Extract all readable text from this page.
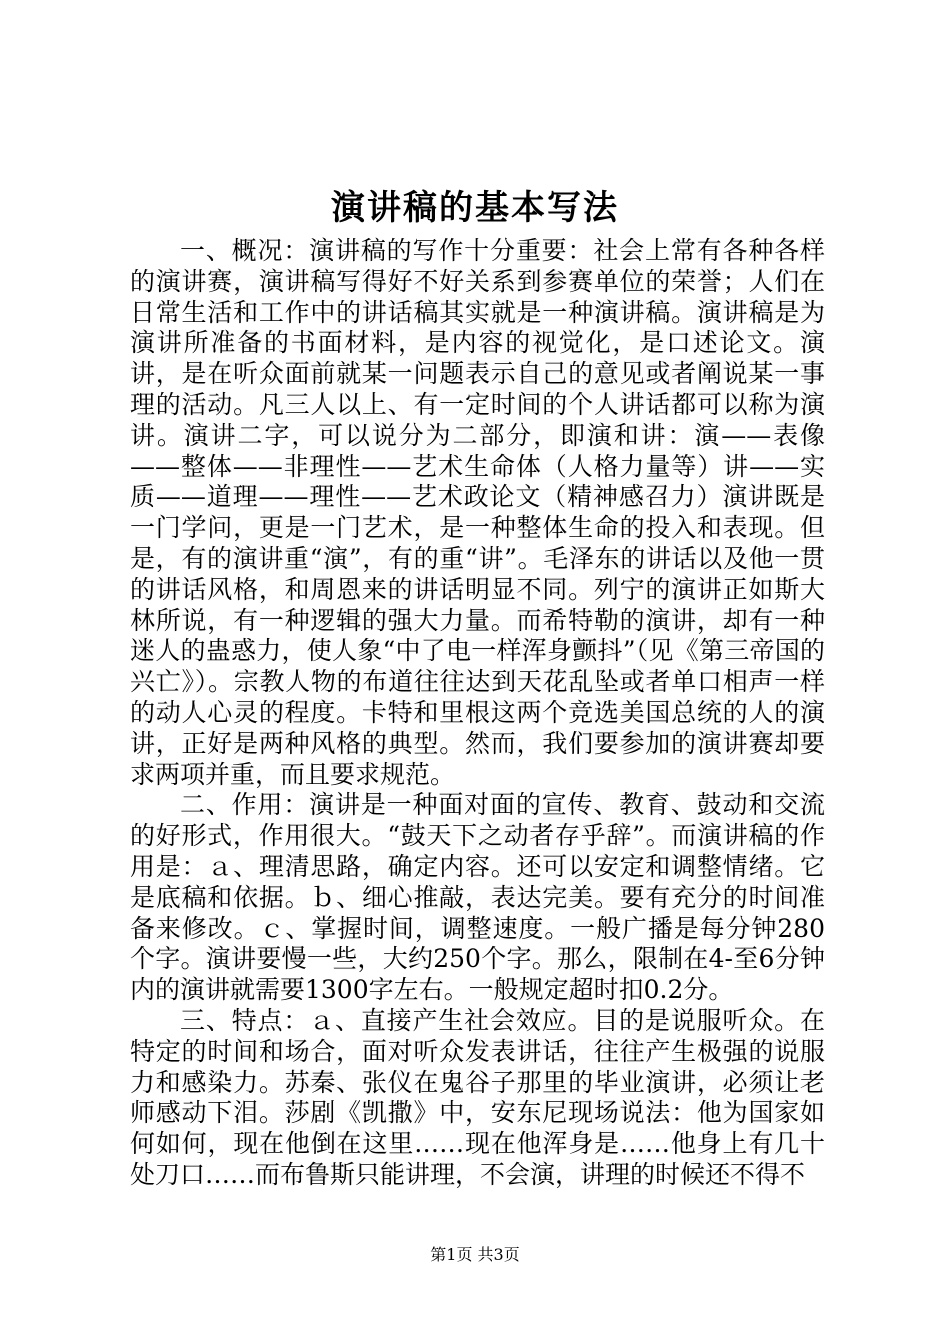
演讲稿的基本写法

一、概况：演讲稿的写作十分重要：社会上常有各种各样的演讲赛，演讲稿写得好不好关系到参赛单位的荣誉；人们在日常生活和工作中的讲话稿其实就是一种演讲稿。演讲稿是为演讲所准备的书面材料，是内容的视觉化，是口述论文。演讲，是在听众面前就某一问题表示自己的意见或者阐说某一事理的活动。凡三人以上、有一定时间的个人讲话都可以称为演讲。演讲二字，可以说分为二部分，即演和讲：演——表像——整体——非理性——艺术生命体（人格力量等）讲——实质——道理——理性——艺术政论文（精神感召力）演讲既是一门学问，更是一门艺术，是一种整体生命的投入和表现。但是，有的演讲重“演”，有的重“讲”。毛泽东的讲话以及他一贯的讲话风格，和周恩来的讲话明显不同。列宁的演讲正如斯大林所说，有一种逻辑的强大力量。而希特勒的演讲，却有一种迷人的蛊惑力，使人象“中了电一样浑身颤抖”（见《第三帝国的兴亡》）。宗教人物的布道往往达到天花乱坠或者单口相声一样的动人心灵的程度。卡特和里根这两个竞选美国总统的人的演讲，正好是两种风格的典型。然而，我们要参加的演讲赛却要求两项并重，而且要求规范。

二、作用：演讲是一种面对面的宣传、教育、鼓动和交流的好形式，作用很大。“鼓天下之动者存乎辞”。而演讲稿的作用是：ａ、理清思路，确定内容。还可以安定和调整情绪。它是底稿和依据。ｂ、细心推敲，表达完美。要有充分的时间准备来修改。ｃ、掌握时间，调整速度。一般广播是每分钟280个字。演讲要慢一些，大约250个字。那么，限制在4-至6分钟内的演讲就需要1300字左右。一般规定超时扣0.2分。

三、特点：ａ、直接产生社会效应。目的是说服听众。在特定的时间和场合，面对听众发表讲话，往往产生极强的说服力和感染力。苏秦、张仪在鬼谷子那里的毕业演讲，必须让老师感动下泪。莎剧《凯撒》中，安东尼现场说法：他为国家如何如何，现在他倒在这里……现在他浑身是……他身上有几十处刀口……而布鲁斯只能讲理，不会演，讲理的时候还不得不

第1页 共3页
